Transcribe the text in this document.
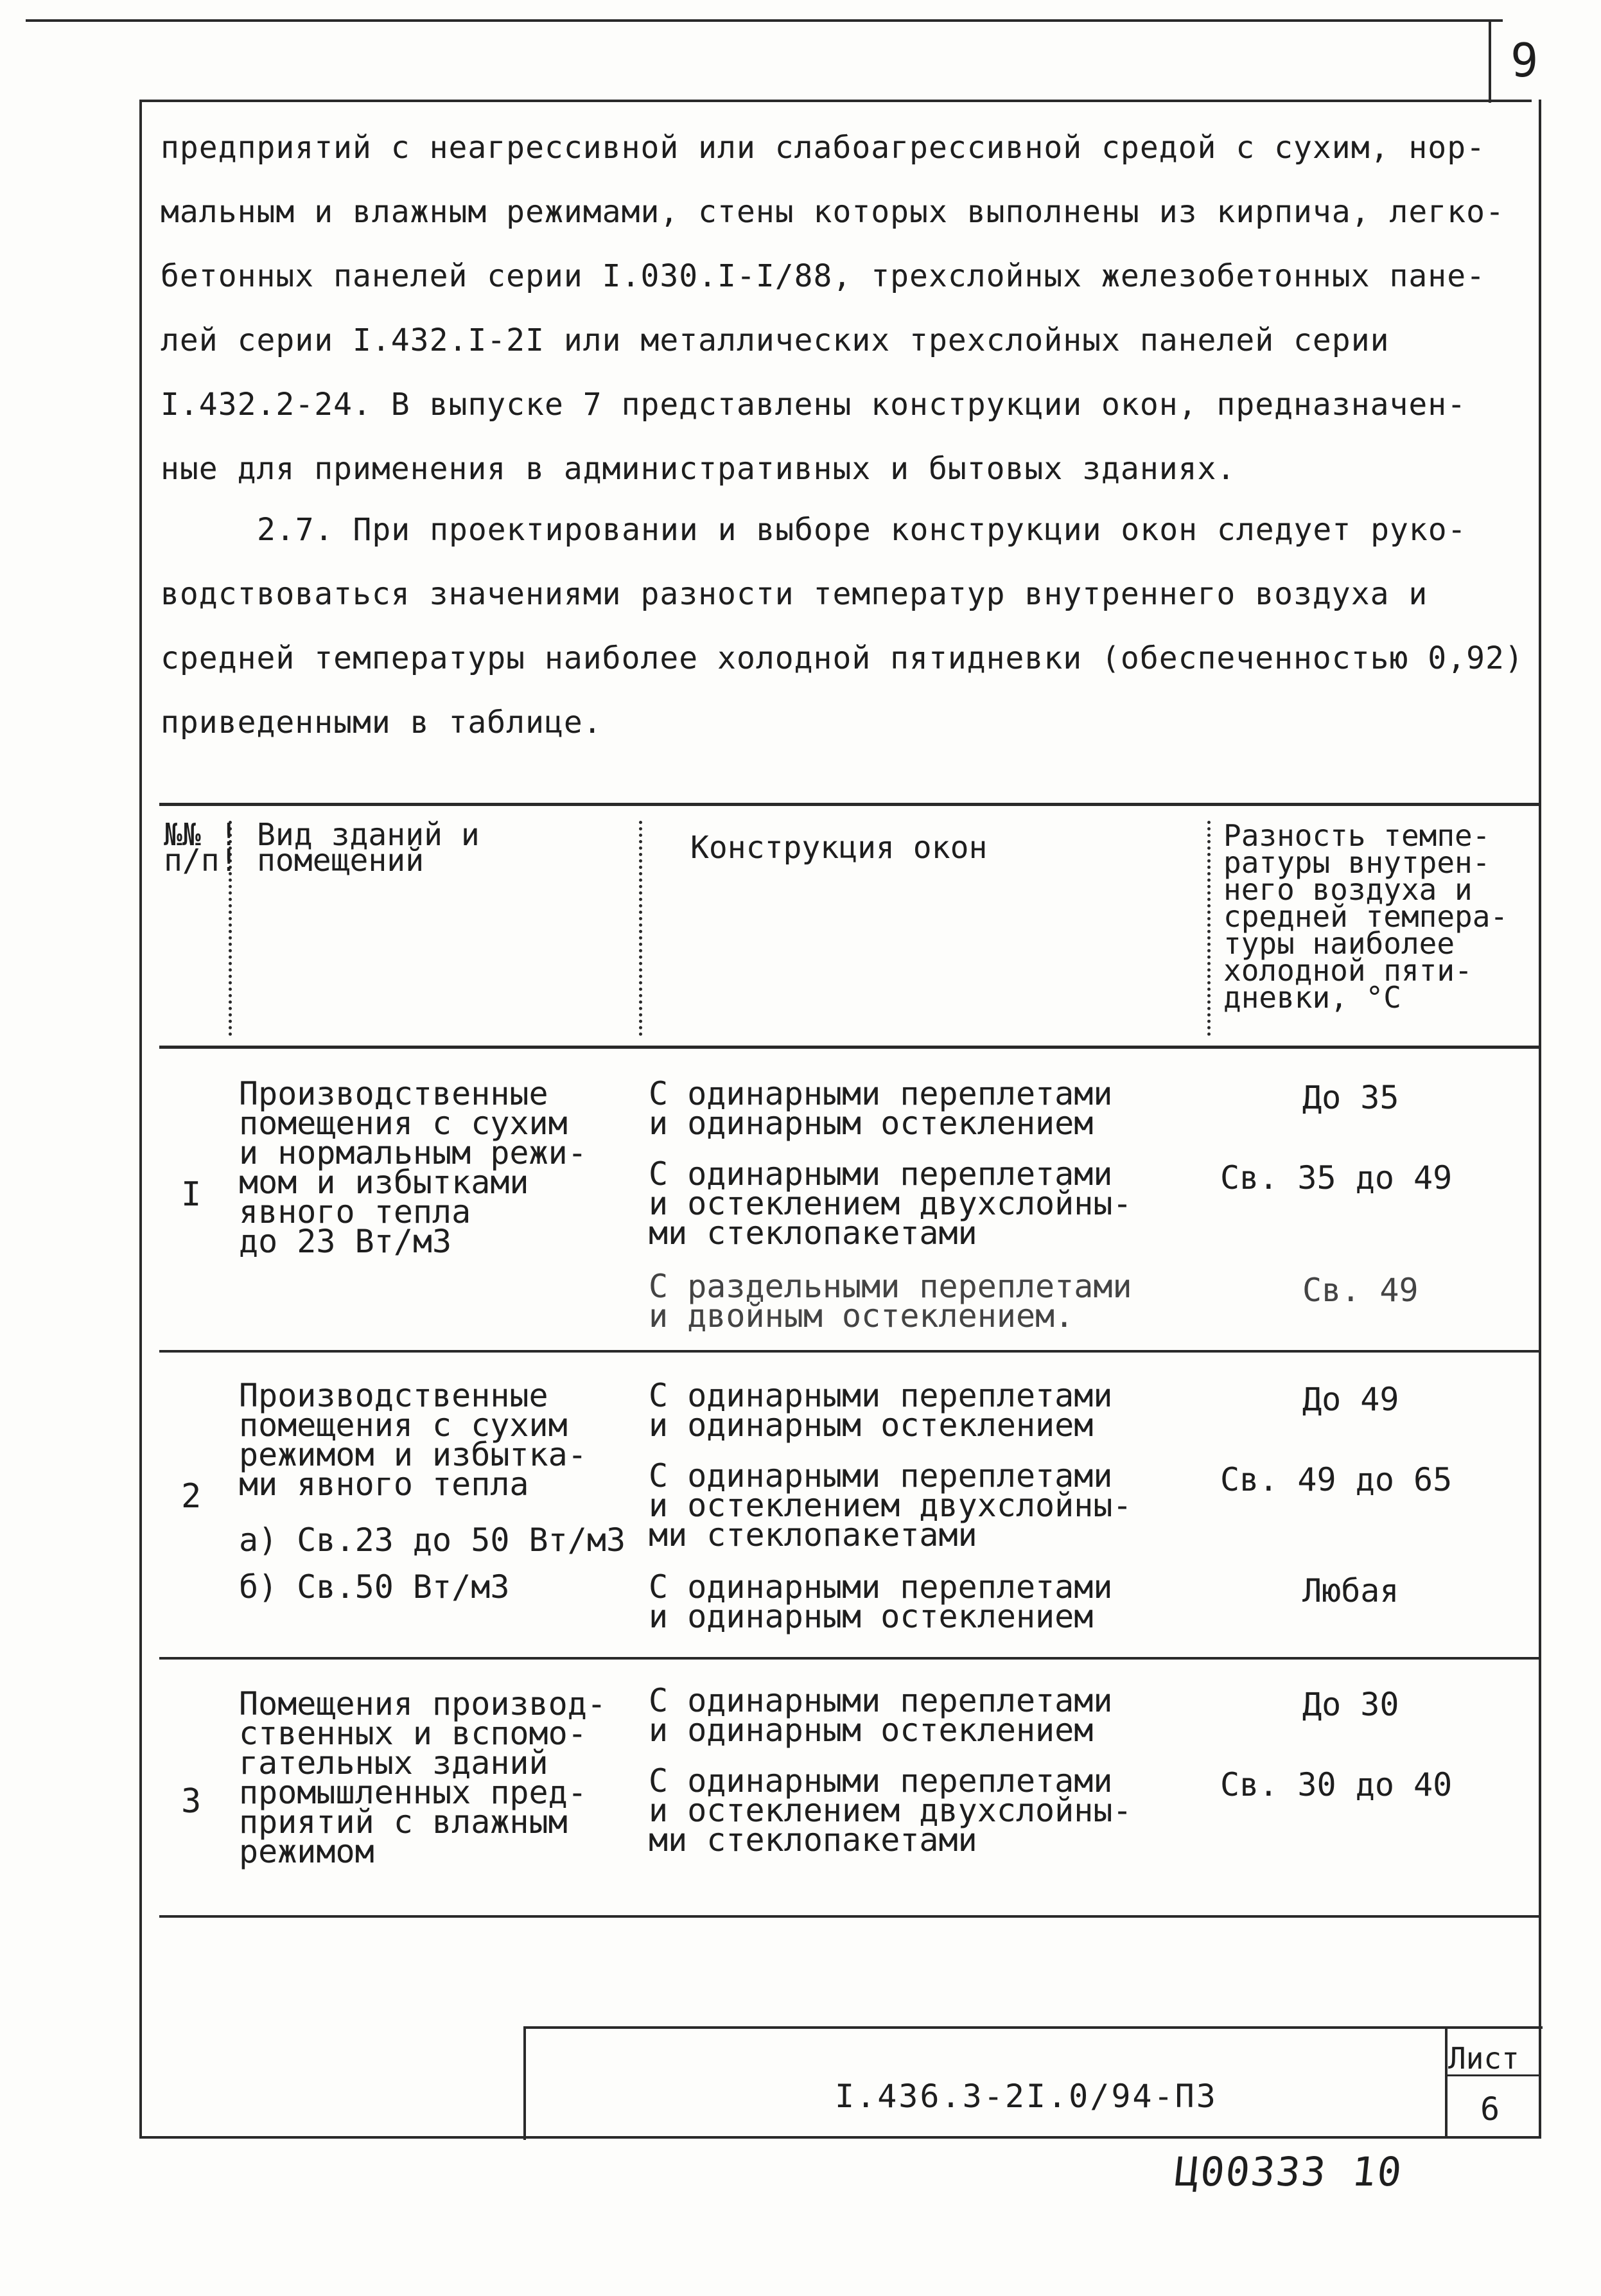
9
предприятий с неагрессивной или слабоагрессивной средой с сухим, нор-
мальным и влажным режимами, стены которых выполнены из кирпича, легко-
бетонных панелей серии I.030.I-I/88, трехслойных железобетонных пане-
лей серии I.432.I-2I или металлических трехслойных панелей серии
I.432.2-24. В выпуске 7 представлены конструкции окон, предназначен-
ные для применения в административных и бытовых зданиях.
2.7. При проектировании и выборе конструкции окон следует руко-
водствоваться значениями разности температур внутреннего воздуха и
средней температуры наиболее холодной пятидневки (обеспеченностью 0,92)
приведенными в таблице.
№№ !
п/п!
Вид зданий и
помещений	Конструкция окон	Разность темпе-
ратуры внутрен-
него воздуха и
средней темпера-
туры наиболее
холодной пяти-
дневки, °С
I
Производственные
помещения с сухим
и нормальным режи-
мом и избытками
явного тепла
до 23 Вт/м3
С одинарными переплетами
и одинарным остеклением
До 35
С одинарными переплетами
и остеклением двухслойны-
ми стеклопакетами
Св. 35 до 49
С раздельными переплетами
и двойным остеклением.
Св. 49
2
Производственные
помещения с сухим
режимом и избытка-
ми явного тепла
а) Св.23 до 50 Вт/м3
б) Св.50 Вт/м3
С одинарными переплетами
и одинарным остеклением
До 49
С одинарными переплетами
и остеклением двухслойны-
ми стеклопакетами
Св. 49 до 65
С одинарными переплетами
и одинарным остеклением
Любая
3
Помещения производ-
ственных и вспомо-
гательных зданий
промышленных пред-
приятий с влажным
режимом
С одинарными переплетами
и одинарным остеклением
До 30
С одинарными переплетами
и остеклением двухслойны-
ми стеклопакетами
Св. 30 до 40
I.436.3-2I.0/94-ПЗ
Лист
6
Ц00333 10
